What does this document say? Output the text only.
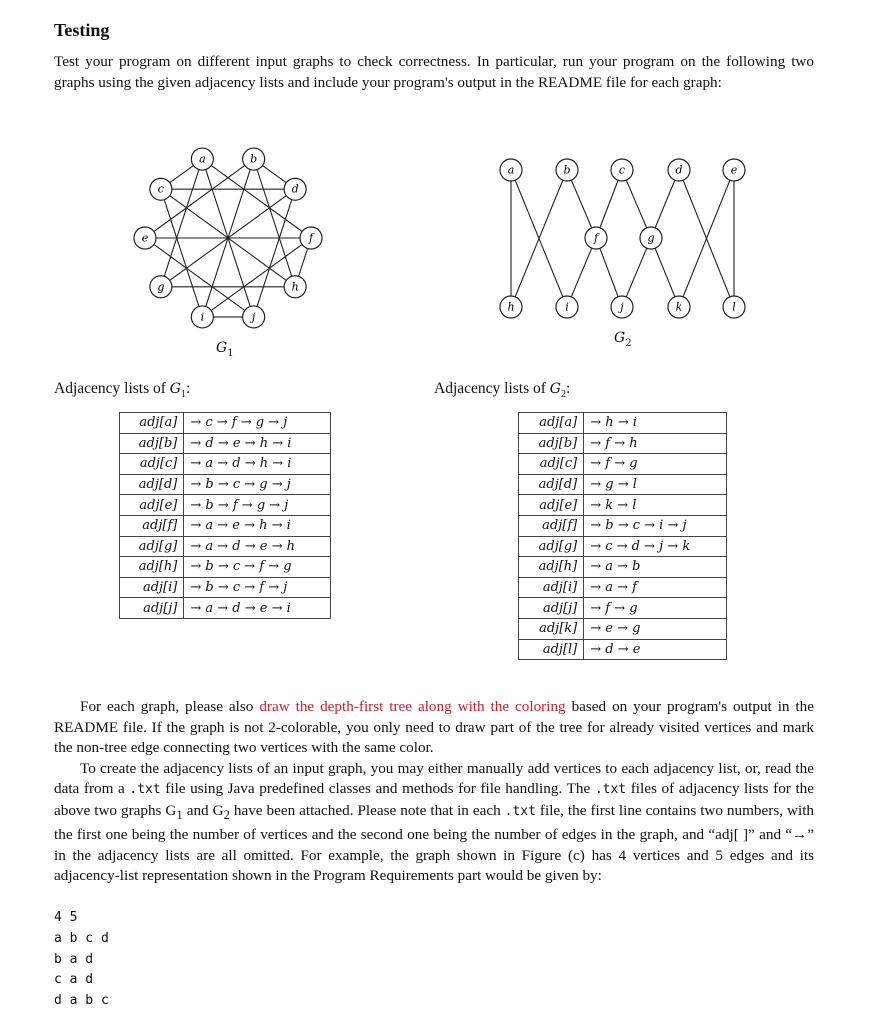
Testing
Test your program on different input graphs to check correctness. In particular, run your program on the following two graphs using the given adjacency lists and include your program's output in the README file for each graph:
a	b
c	d
e	f
g	h
i	j
$G_1$
a	b	c	d	e
f	g
h	i	j	k	l
$G_2$
Adjacency lists of $G_1$:	Adjacency lists of $G_2$:
adj[a]	→ c → f → g → j
adj[b]	→ d → e → h → i
adj[c]	→ a → d → h → i
adj[d]	→ b → c → g → j
adj[e]	→ b → f → g → j
adj[f]	→ a → e → h → i
adj[g]	→ a → d → e → h
adj[h]	→ b → c → f → g
adj[i]	→ b → c → f → j
adj[j]	→ a → d → e → i
adj[a]	→ h → i
adj[b]	→ f → h
adj[c]	→ f → g
adj[d]	→ g → l
adj[e]	→ k → l
adj[f]	→ b → c → i → j
adj[g]	→ c → d → j → k
adj[h]	→ a → b
adj[i]	→ a → f
adj[j]	→ f → g
adj[k]	→ e → g
adj[l]	→ d → e

For each graph, please also draw the depth-first tree along with the coloring based on your program's output in the README file. If the graph is not 2-colorable, you only need to draw part of the tree for already visited vertices and mark the non-tree edge connecting two vertices with the same color.

To create the adjacency lists of an input graph, you may either manually add vertices to each adjacency list, or, read the data from a .txt file using Java predefined classes and methods for file handling. The .txt files of adjacency lists for the above two graphs $G_1$ and $G_2$ have been attached. Please note that in each .txt file, the first line contains two numbers, with the first one being the number of vertices and the second one being the number of edges in the graph, and “adj[ ]” and “→” in the adjacency lists are all omitted. For example, the graph shown in Figure (c) has 4 vertices and 5 edges and its adjacency-list representation shown in the Program Requirements part would be given by:

4 5
a b c d
b a d
c a d
d a b c
